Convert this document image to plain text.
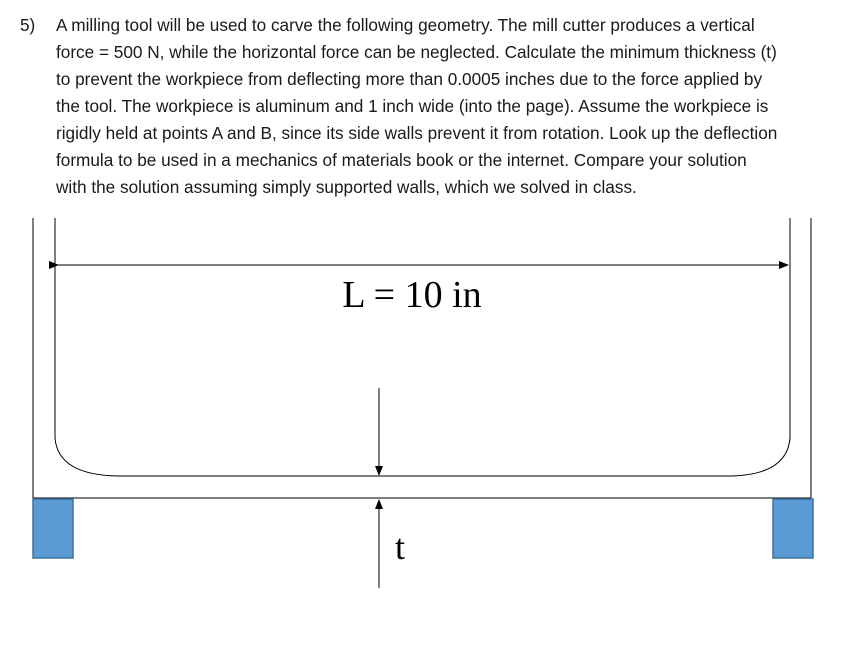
5) A milling tool will be used to carve the following geometry. The mill cutter produces a vertical
force = 500 N, while the horizontal force can be neglected. Calculate the minimum thickness (t)
to prevent the workpiece from deflecting more than 0.0005 inches due to the force applied by
the tool. The workpiece is aluminum and 1 inch wide (into the page). Assume the workpiece is
rigidly held at points A and B, since its side walls prevent it from rotation. Look up the deflection
formula to be used in a mechanics of materials book or the internet. Compare your solution
with the solution assuming simply supported walls, which we solved in class.
L = 10 in
t
